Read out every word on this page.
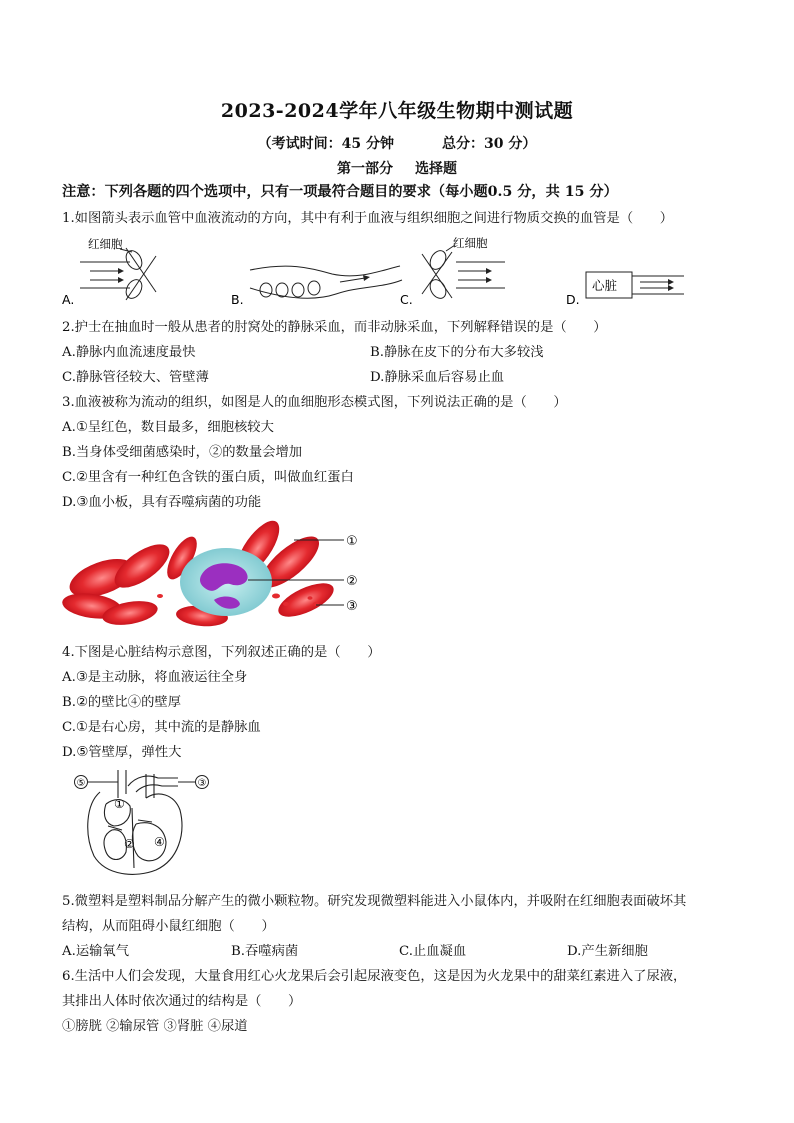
2023-2024学年八年级生物期中测试题
（考试时间：45 分钟	总分：30 分）
第一部分 选择题
注意：下列各题的四个选项中，只有一项最符合题目的要求（每小题0.5 分，共 15 分）
1.如图箭头表示血管中血液流动的方向，其中有利于血液与组织细胞之间进行物质交换的血管是（　　）
红细胞
A.	B.
红细胞
C.
心脏
D.
2.护士在抽血时一般从患者的肘窝处的静脉采血，而非动脉采血，下列解释错误的是（　　）
A.静脉内血流速度最快	B.静脉在皮下的分布大多较浅
C.静脉管径较大、管壁薄	D.静脉采血后容易止血
3.血液被称为流动的组织，如图是人的血细胞形态模式图，下列说法正确的是（　　）
A.①呈红色，数目最多，细胞核较大
B.当身体受细菌感染时，②的数量会增加
C.②里含有一种红色含铁的蛋白质，叫做血红蛋白
D.③血小板，具有吞噬病菌的功能
①
②
③
4.下图是心脏结构示意图，下列叙述正确的是（　　）
A.③是主动脉，将血液运往全身
B.②的壁比④的壁厚
C.①是右心房，其中流的是静脉血
D.⑤管壁厚，弹性大
⑤	③
①
② ④
5.微塑料是塑料制品分解产生的微小颗粒物。研究发现微塑料能进入小鼠体内，并吸附在红细胞表面破坏其
结构，从而阻碍小鼠红细胞（　　）
A.运输氧气	B.吞噬病菌	C.止血凝血	D.产生新细胞
6.生活中人们会发现，大量食用红心火龙果后会引起尿液变色，这是因为火龙果中的甜菜红素进入了尿液，
其排出人体时依次通过的结构是（　　）
①膀胱 ②输尿管 ③肾脏 ④尿道
